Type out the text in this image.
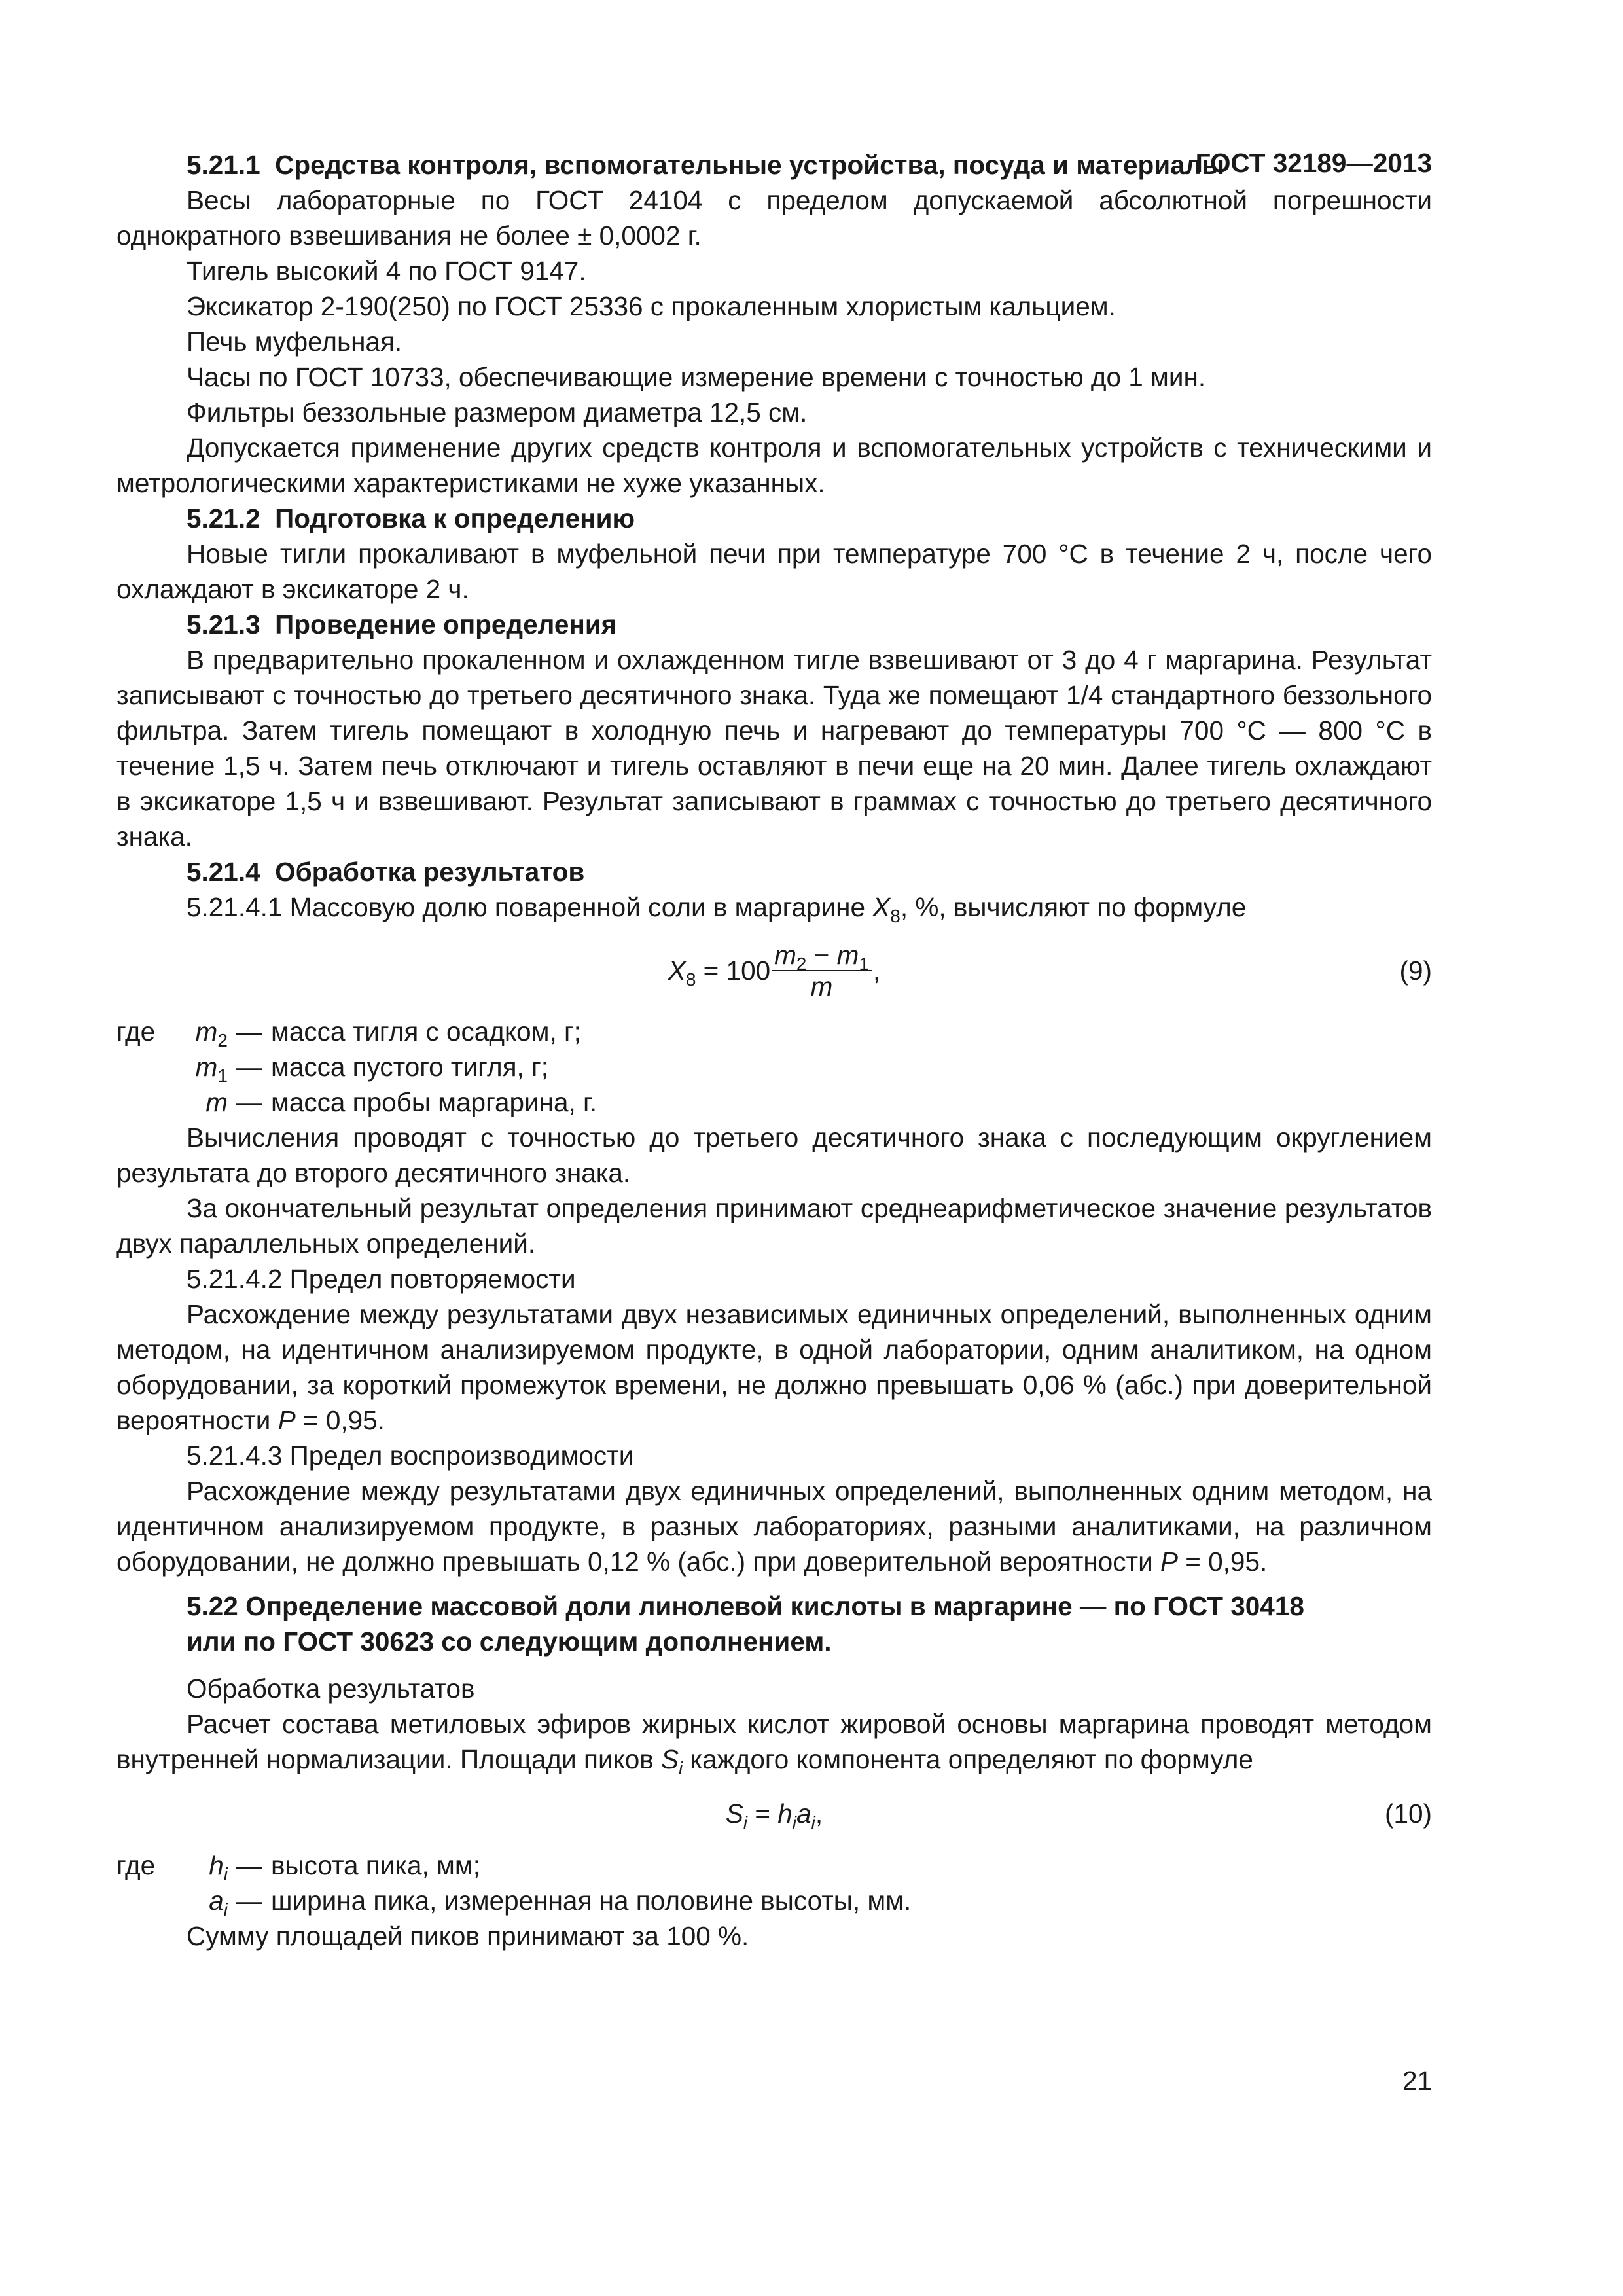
ГОСТ 32189—2013

5.21.1 Средства контроля, вспомогательные устройства, посуда и материалы

Весы лабораторные по ГОСТ 24104 с пределом допускаемой абсолютной погрешности однократного взвешивания не более ± 0,0002 г.

Тигель высокий 4 по ГОСТ 9147.

Эксикатор 2-190(250) по ГОСТ 25336 с прокаленным хлористым кальцием.

Печь муфельная.

Часы по ГОСТ 10733, обеспечивающие измерение времени с точностью до 1 мин.

Фильтры беззольные размером диаметра 12,5 см.

Допускается применение других средств контроля и вспомогательных устройств с техническими и метрологическими характеристиками не хуже указанных.

5.21.2 Подготовка к определению

Новые тигли прокаливают в муфельной печи при температуре 700 °С в течение 2 ч, после чего охлаждают в эксикаторе 2 ч.

5.21.3 Проведение определения

В предварительно прокаленном и охлажденном тигле взвешивают от 3 до 4 г маргарина. Результат записывают с точностью до третьего десятичного знака. Туда же помещают 1/4 стандартного беззольного фильтра. Затем тигель помещают в холодную печь и нагревают до температуры 700 °С — 800 °С в течение 1,5 ч. Затем печь отключают и тигель оставляют в печи еще на 20 мин. Далее тигель охлаждают в эксикаторе 1,5 ч и взвешивают. Результат записывают в граммах с точностью до третьего десятичного знака.

5.21.4 Обработка результатов

5.21.4.1 Массовую долю поваренной соли в маргарине $X_8$, %, вычисляют по формуле

$X_8 = 100 \frac{m_2 - m_1}{m}$ ,	(9)
где	$m_2$	—	масса тигля с осадком, г;
	$m_1$	—	масса пустого тигля, г;
	m	—	масса пробы маргарина, г.

Вычисления проводят с точностью до третьего десятичного знака с последующим округлением результата до второго десятичного знака.

За окончательный результат определения принимают среднеарифметическое значение результатов двух параллельных определений.

5.21.4.2 Предел повторяемости

Расхождение между результатами двух независимых единичных определений, выполненных одним методом, на идентичном анализируемом продукте, в одной лаборатории, одним аналитиком, на одном оборудовании, за короткий промежуток времени, не должно превышать 0,06 % (абс.) при доверительной вероятности P = 0,95.

5.21.4.3 Предел воспроизводимости

Расхождение между результатами двух единичных определений, выполненных одним методом, на идентичном анализируемом продукте, в разных лабораториях, разными аналитиками, на различном оборудовании, не должно превышать 0,12 % (абс.) при доверительной вероятности P = 0,95.

5.22 Определение массовой доли линолевой кислоты в маргарине — по ГОСТ 30418
или по ГОСТ 30623 со следующим дополнением.

Обработка результатов

Расчет состава метиловых эфиров жирных кислот жировой основы маргарина проводят методом внутренней нормализации. Площади пиков $S_i$ каждого компонента определяют по формуле

$S_i = h_ia_i$,	(10)
где	$h_i$	—	высота пика, мм;
	$a_i$	—	ширина пика, измеренная на половине высоты, мм.

Сумму площадей пиков принимают за 100 %.

21
